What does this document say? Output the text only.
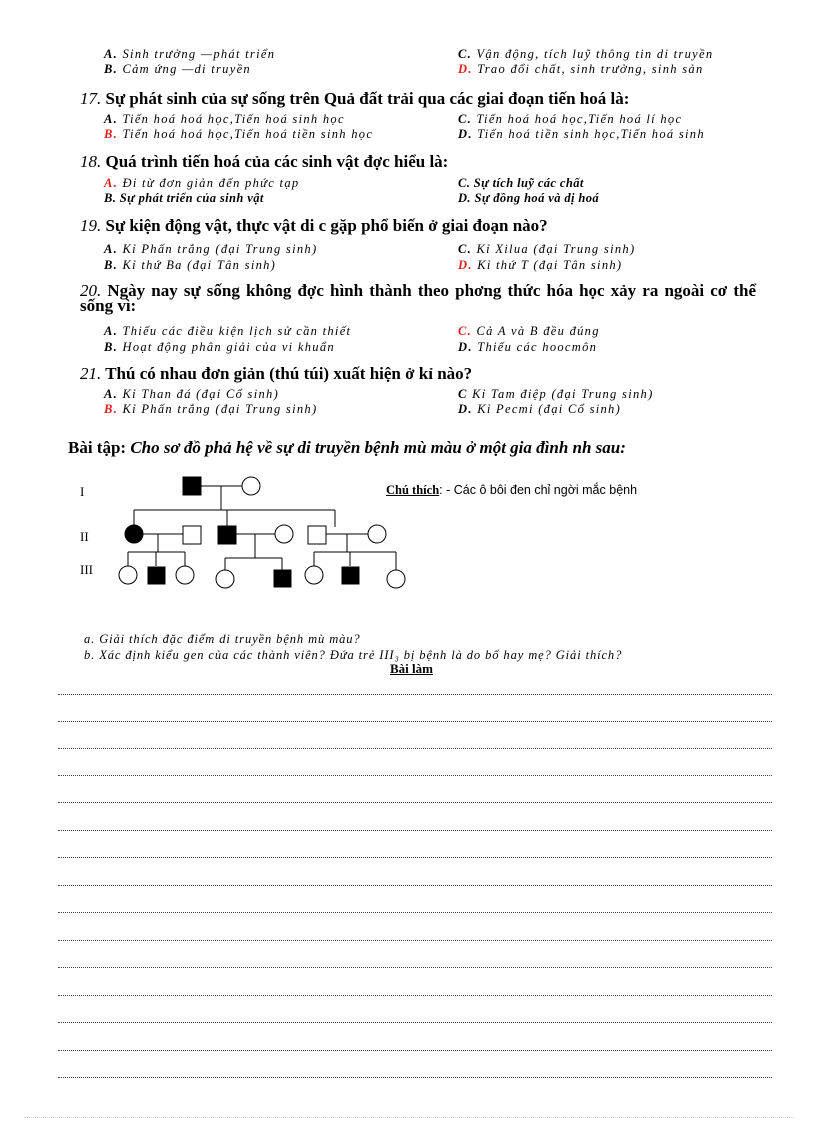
A. Sinh trưởng —phát triển
B. Cảm ứng —di truyền
C. Vận động, tích luỹ thông tin di truyền
D. Trao đổi chất, sinh trưởng, sinh sản
17. Sự phát sinh của sự sống trên Quả đất trải qua các giai đoạn tiến hoá là:
A. Tiến hoá hoá học,Tiến hoá sinh học
B. Tiến hoá hoá học,Tiến hoá tiền sinh học
C. Tiến hoá hoá học,Tiến hoá lí học
D. Tiến hoá tiền sinh học,Tiến hoá sinh
18. Quá trình tiến hoá của các sinh vật đợc hiểu là:
A. Đi từ đơn giản đến phức tạp
B. Sự phát triển của sinh vật
C. Sự tích luỹ các chất
D. Sự đồng hoá và dị hoá
19. Sự kiện động vật, thực vật di c gặp phổ biến ở giai đoạn nào?
A. Kỉ Phấn trắng (đại Trung sinh)
B. Kỉ thứ Ba (đại Tân sinh)
C. Kỉ Xilua (đại Trung sinh)
D. Kỉ thứ T (đại Tân sinh)
20. Ngày nay sự sống không đợc hình thành theo phơng thức hóa học xảy ra ngoài cơ thể sống vì:
A. Thiếu các điều kiện lịch sử cần thiết
B. Hoạt động phân giải của vi khuẩn
C. Cả A và B đều đúng
D. Thiếu các hoocmôn
21. Thú có nhau đơn giản (thú túi) xuất hiện ở kỉ nào?
A. Kỉ Than đá (đại Cổ sinh)
B. Kỉ Phấn trắng (đại Trung sinh)
C Kỉ Tam điệp (đại Trung sinh)
D. Kỉ Pecmi (đại Cổ sinh)
Bài tập: Cho sơ đồ phả hệ về sự di truyền bệnh mù màu ở một gia đình nh sau:
I
II
III
Chú thích: - Các ô bôi đen chỉ ngời mắc bệnh
a. Giải thích đặc điểm di truyền bệnh mù màu?
b. Xác định kiểu gen của các thành viên? Đứa trẻ III₃ bị bệnh là do bố hay mẹ? Giải thích?
Bài làm
